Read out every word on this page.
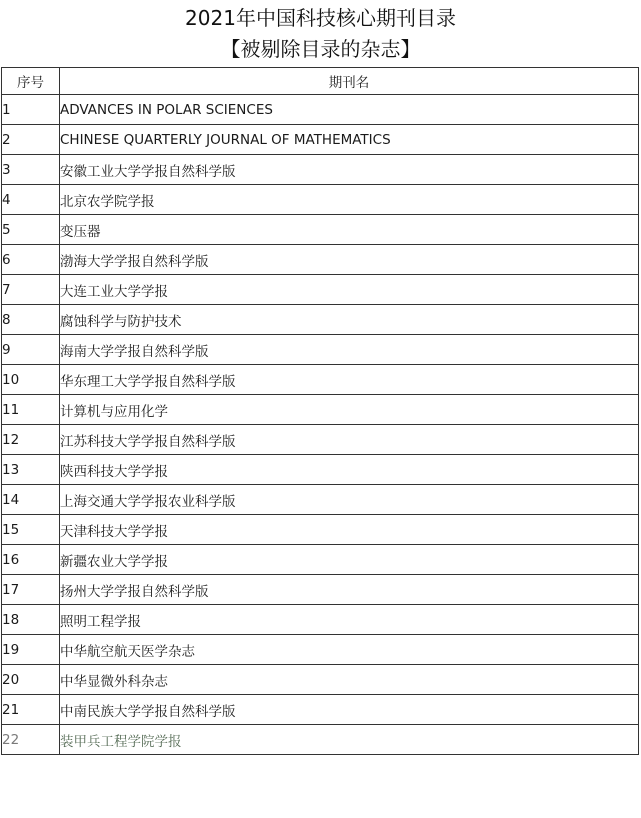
2021年中国科技核心期刊目录
【被剔除目录的杂志】
序号	期刊名
1	ADVANCES IN POLAR SCIENCES
2	CHINESE QUARTERLY JOURNAL OF MATHEMATICS
3	安徽工业大学学报自然科学版
4	北京农学院学报
5	变压器
6	渤海大学学报自然科学版
7	大连工业大学学报
8	腐蚀科学与防护技术
9	海南大学学报自然科学版
10	华东理工大学学报自然科学版
11	计算机与应用化学
12	江苏科技大学学报自然科学版
13	陕西科技大学学报
14	上海交通大学学报农业科学版
15	天津科技大学学报
16	新疆农业大学学报
17	扬州大学学报自然科学版
18	照明工程学报
19	中华航空航天医学杂志
20	中华显微外科杂志
21	中南民族大学学报自然科学版
22	装甲兵工程学院学报
